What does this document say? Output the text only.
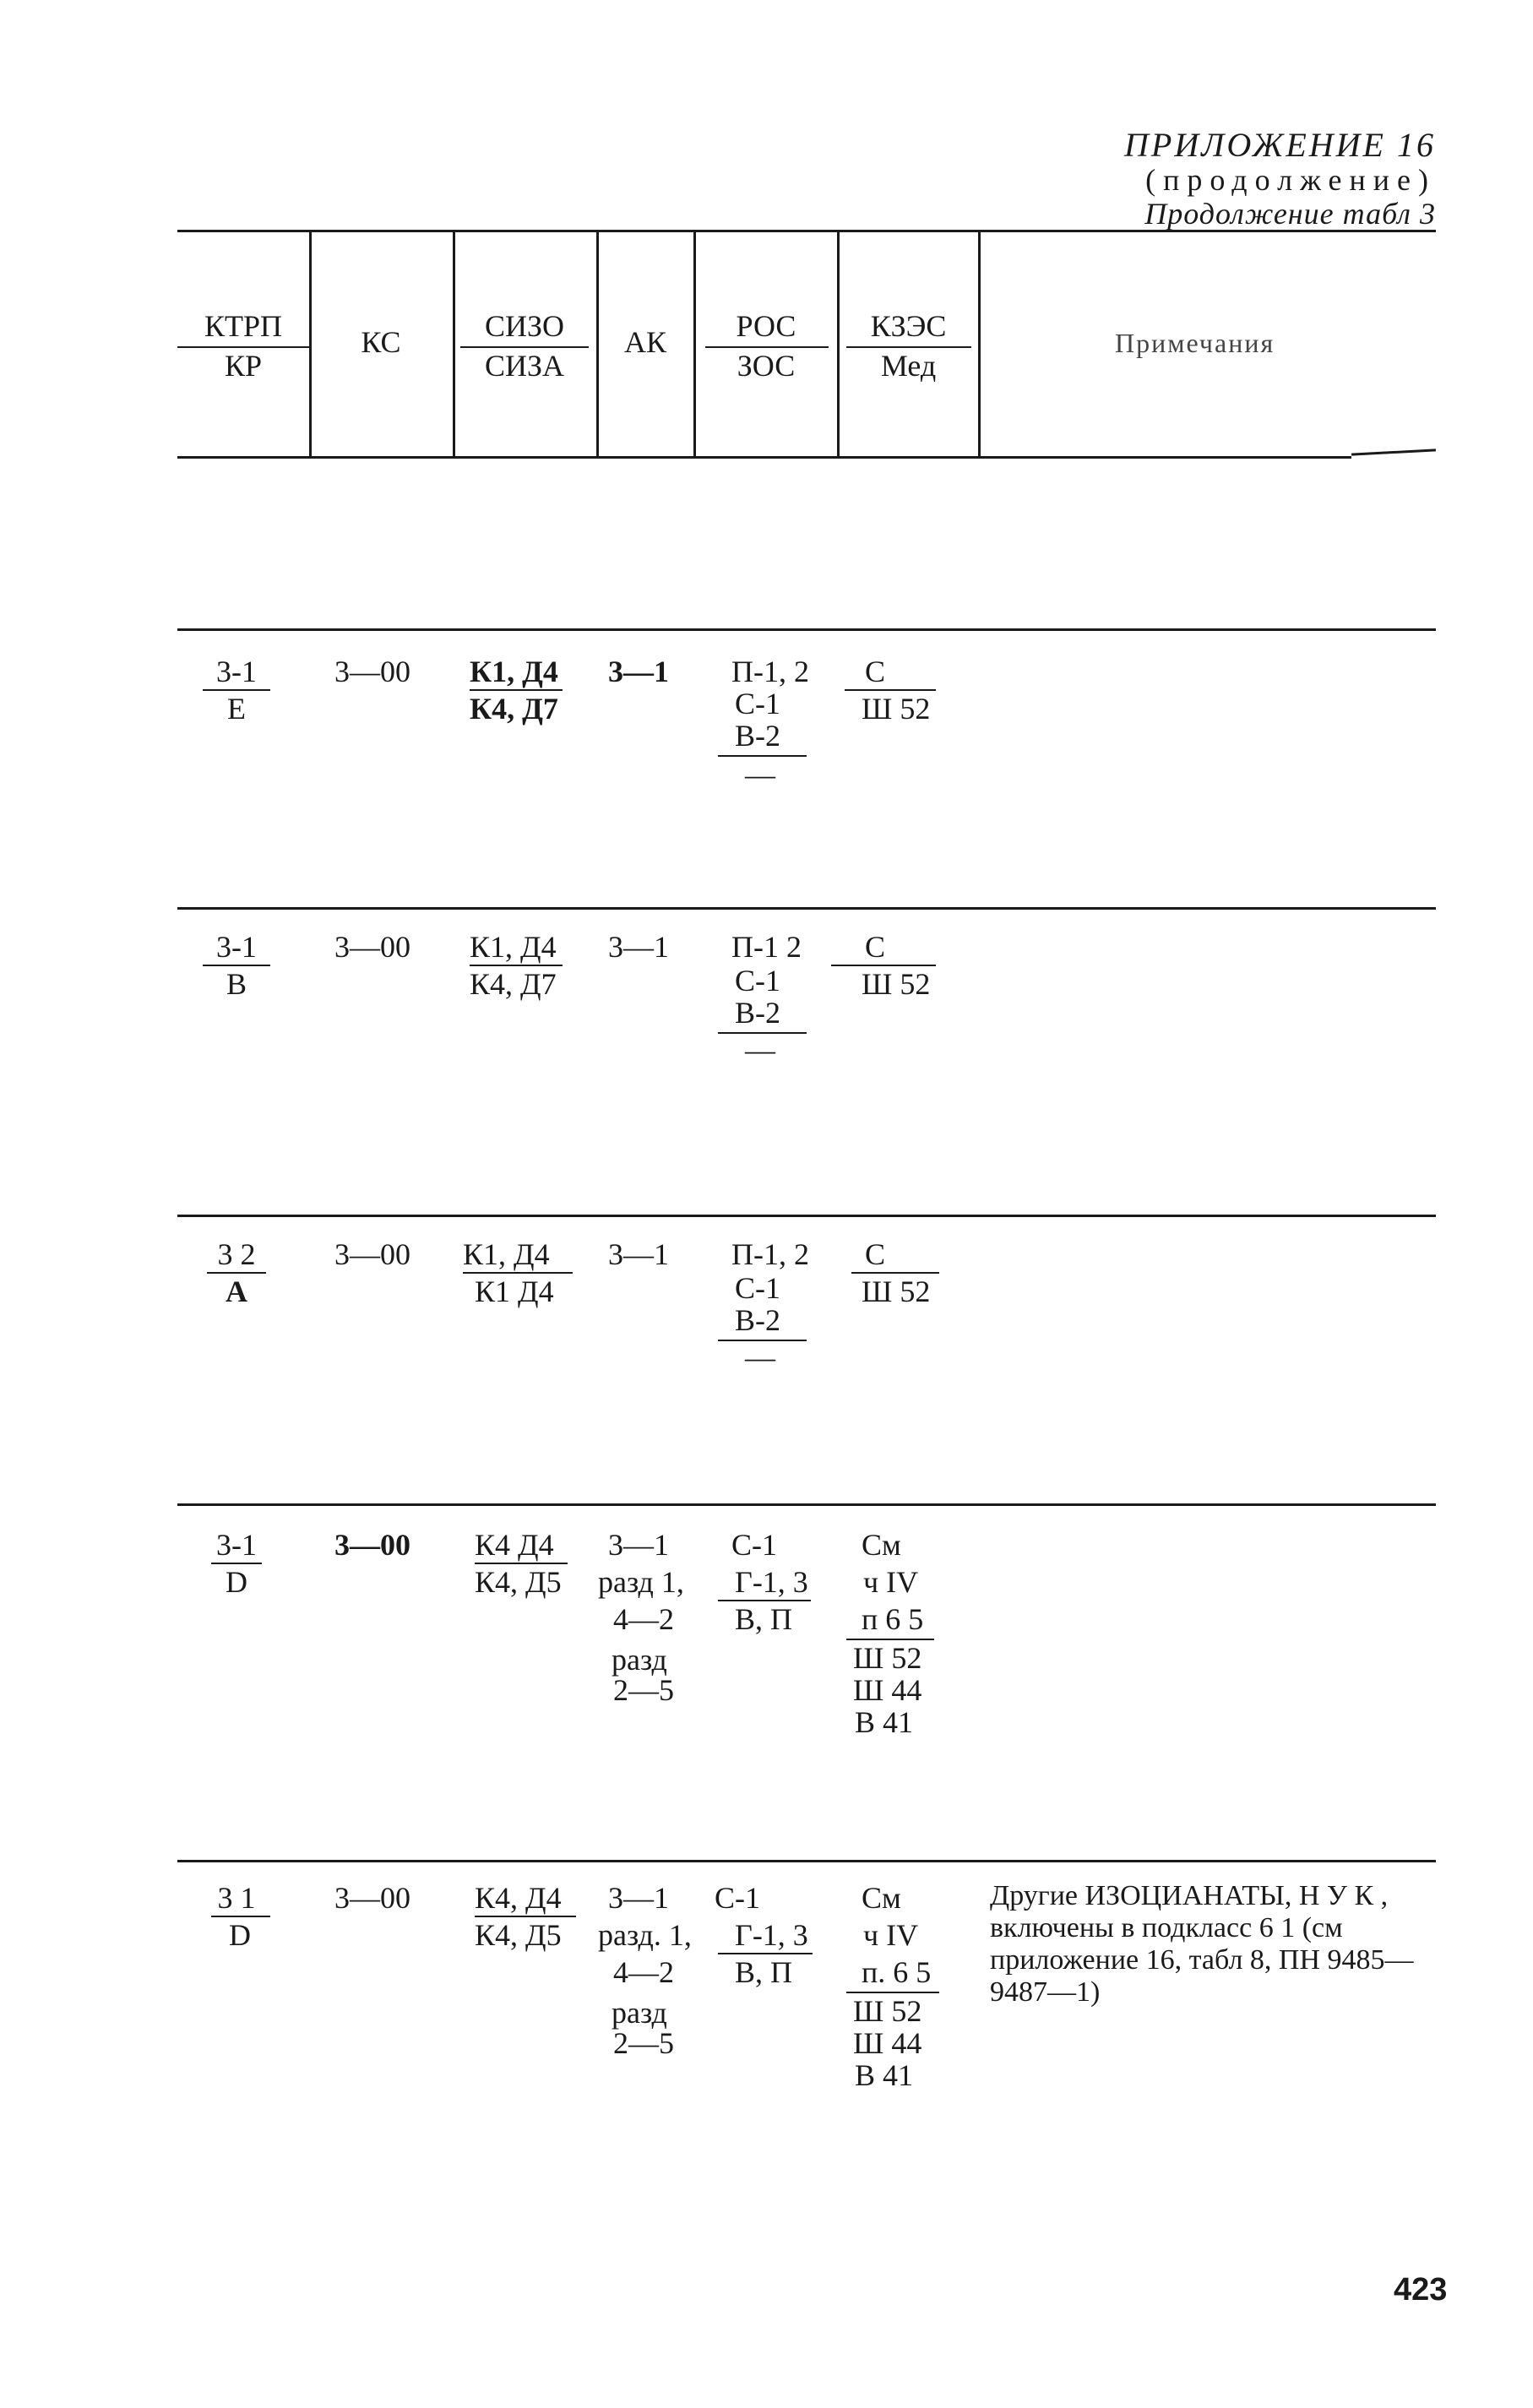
ПРИЛОЖЕНИЕ 16
(продолжение)
Продолжение табл 3
КТРП
КР
КС	СИЗО
СИЗА
АК	РОС
ЗОС
КЗЭС
Мед
Примечания
3-1
Е
3—00 К1, Д4
К4, Д7
3—1 П-1, 2
С-1
В-2
—
С
Ш 52
3-1
В
3—00 К1, Д4
К4, Д7
3—1 П-1 2
С-1
В-2
—
С
Ш 52
3 2
А
3—00 К1, Д4
К1 Д4
3—1 П-1, 2
С-1
В-2
—
С
Ш 52
3-1
D
3—00 К4 Д4
К4, Д5
3—1
разд 1,
4—2
разд
2—5
С-1
Г-1, 3
В, П
См
ч IV
п 6 5
Ш 52
Ш 44
В 41
3 1
D
3—00 К4, Д4
К4, Д5
3—1
разд. 1,
4—2
разд
2—5
С-1
Г-1, 3
В, П
См
ч IV
п. 6 5
Ш 52
Ш 44
В 41
Другие ИЗОЦИАНАТЫ, Н У К , включены в подкласс 6 1 (см приложение 16, табл 8, ПН 9485—9487—1)
423
